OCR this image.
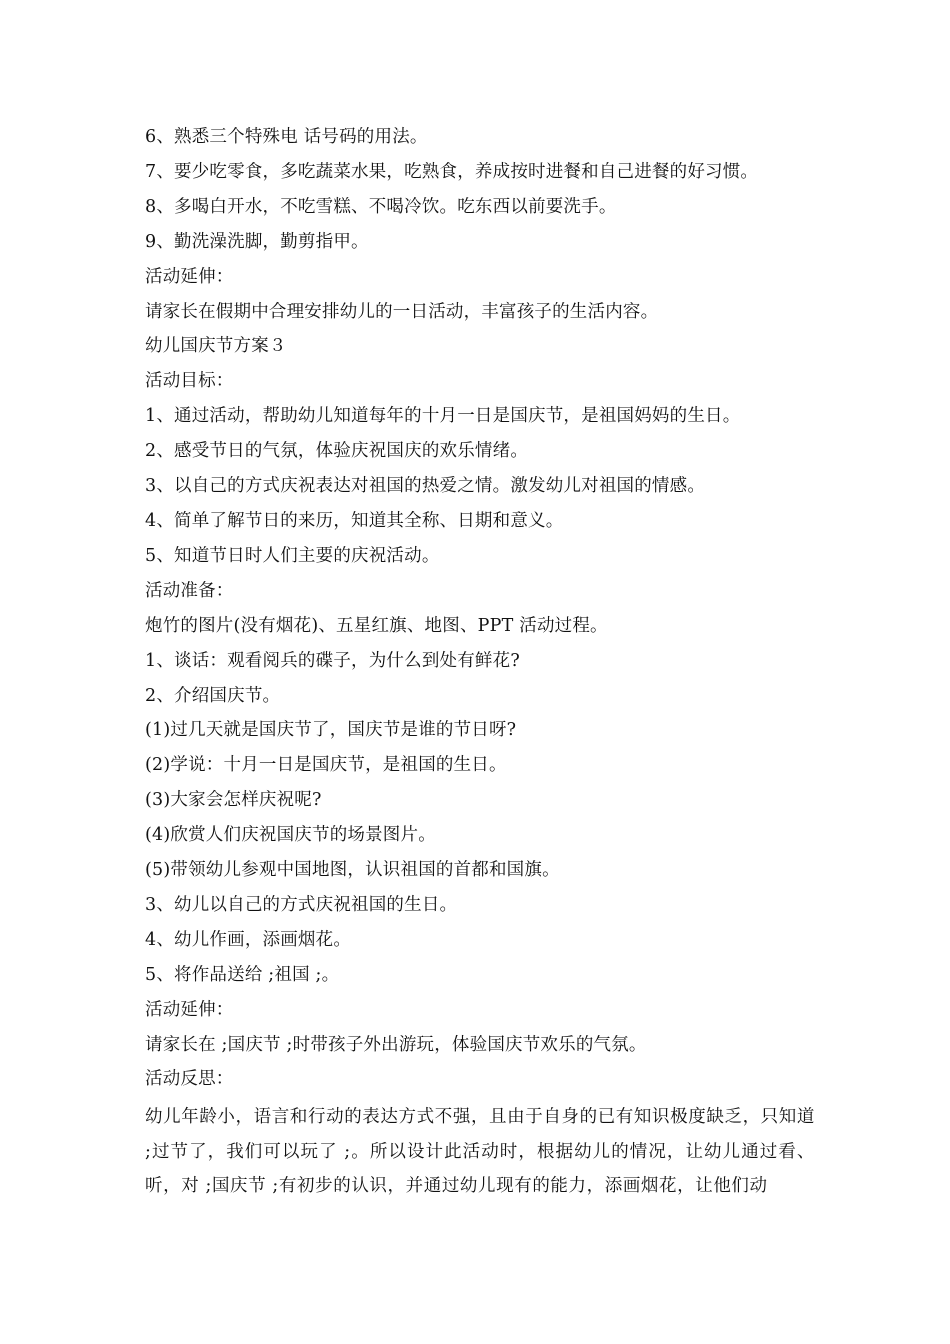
6、熟悉三个特殊电 话号码的用法。
7、要少吃零食，多吃蔬菜水果，吃熟食，养成按时进餐和自己进餐的好习惯。
8、多喝白开水，不吃雪糕、不喝冷饮。吃东西以前要洗手。
9、勤洗澡洗脚，勤剪指甲。
活动延伸：
请家长在假期中合理安排幼儿的一日活动，丰富孩子的生活内容。
幼儿国庆节方案３
活动目标：
1、通过活动，帮助幼儿知道每年的十月一日是国庆节，是祖国妈妈的生日。
2、感受节日的气氛，体验庆祝国庆的欢乐情绪。
3、以自己的方式庆祝表达对祖国的热爱之情。激发幼儿对祖国的情感。
4、简单了解节日的来历，知道其全称、日期和意义。
5、知道节日时人们主要的庆祝活动。
活动准备：
炮竹的图片(没有烟花)、五星红旗、地图、PPT 活动过程。
1、谈话：观看阅兵的碟子，为什么到处有鲜花?
2、介绍国庆节。
(1)过几天就是国庆节了，国庆节是谁的节日呀?
(2)学说：十月一日是国庆节，是祖国的生日。
(3)大家会怎样庆祝呢?
(4)欣赏人们庆祝国庆节的场景图片。
(5)带领幼儿参观中国地图，认识祖国的首都和国旗。
3、幼儿以自己的方式庆祝祖国的生日。
4、幼儿作画，添画烟花。
5、将作品送给 ;祖国 ;。
活动延伸：
请家长在 ;国庆节 ;时带孩子外出游玩，体验国庆节欢乐的气氛。
活动反思：
幼儿年龄小，语言和行动的表达方式不强，且由于自身的已有知识极度缺乏，只知道 ;过节了，我们可以玩了 ;。所以设计此活动时，根据幼儿的情况，让幼儿通过看、听，对 ;国庆节 ;有初步的认识，并通过幼儿现有的能力，添画烟花，让他们动
